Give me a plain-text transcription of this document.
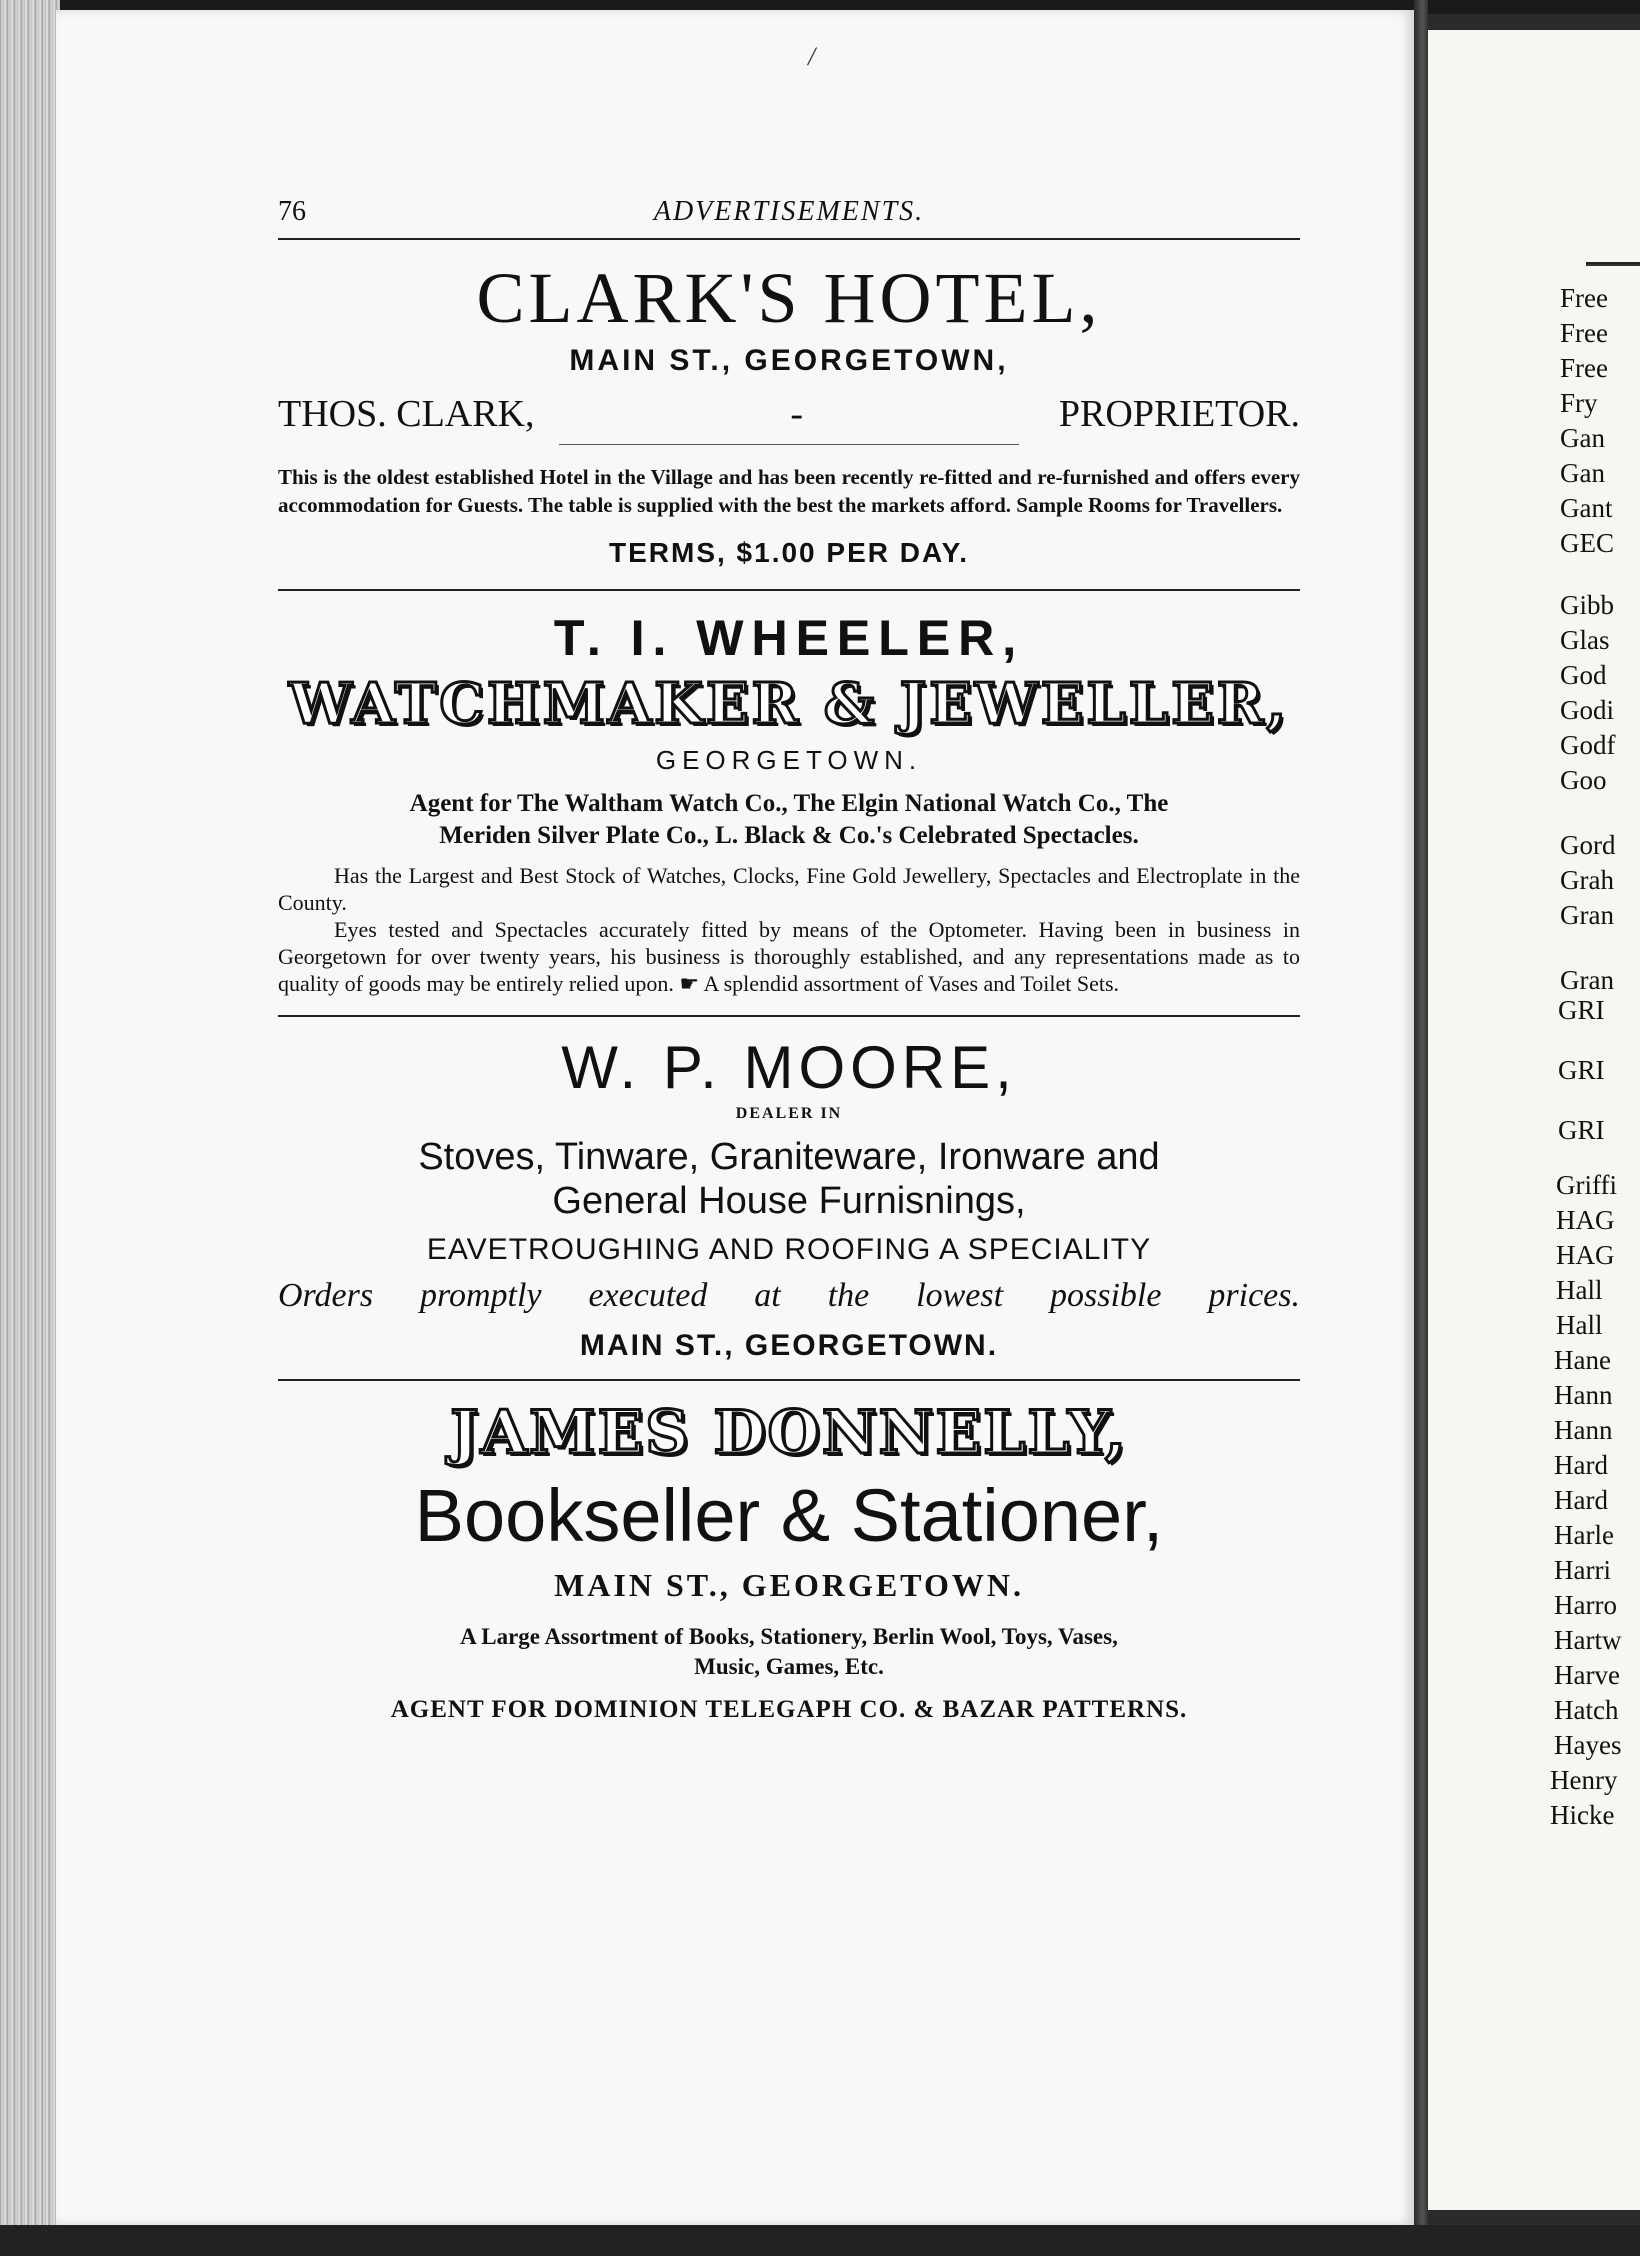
/
76	ADVERTISEMENTS.
CLARK'S HOTEL,
MAIN ST., GEORGETOWN,
THOS. CLARK,	-	PROPRIETOR.
This is the oldest established Hotel in the Village and has been recently re-fitted and re-furnished and offers every accommodation for Guests. The table is supplied with the best the markets afford. Sample Rooms for Travellers.
TERMS, $1.00 PER DAY.
T. I. WHEELER,
WATCHMAKER & JEWELLER,
GEORGETOWN.
Agent for The Waltham Watch Co., The Elgin National Watch Co., The
Meriden Silver Plate Co., L. Black & Co.'s Celebrated Spectacles.
Has the Largest and Best Stock of Watches, Clocks, Fine Gold Jewellery, Spectacles and Electroplate in the County.
Eyes tested and Spectacles accurately fitted by means of the Optometer. Having been in business in Georgetown for over twenty years, his business is thoroughly established, and any representations made as to quality of goods may be entirely relied upon. ☛ A splendid assortment of Vases and Toilet Sets.
W. P. MOORE,
DEALER IN
Stoves, Tinware, Graniteware, Ironware and
General House Furnisnings,
EAVETROUGHING AND ROOFING A SPECIALITY
Orders promptly executed at the lowest possible prices.
MAIN ST., GEORGETOWN.
JAMES DONNELLY,
Bookseller & Stationer,
MAIN ST., GEORGETOWN.
A Large Assortment of Books, Stationery, Berlin Wool, Toys, Vases,
Music, Games, Etc.
AGENT FOR DOMINION TELEGAPH CO. & BAZAR PATTERNS.
Free
Free
Free
Fry
Gan
Gan
Gant
GEC
Gibb
Glas
God
Godi
Godf
Goo
Gord
Grah
Gran
Gran
GRI
GRI
GRI
Griffi
HAG
HAG
Hall
Hall
Hane
Hann
Hann
Hard
Hard
Harle
Harri
Harro
Hartw
Harve
Hatch
Hayes
Henry
Hicke
